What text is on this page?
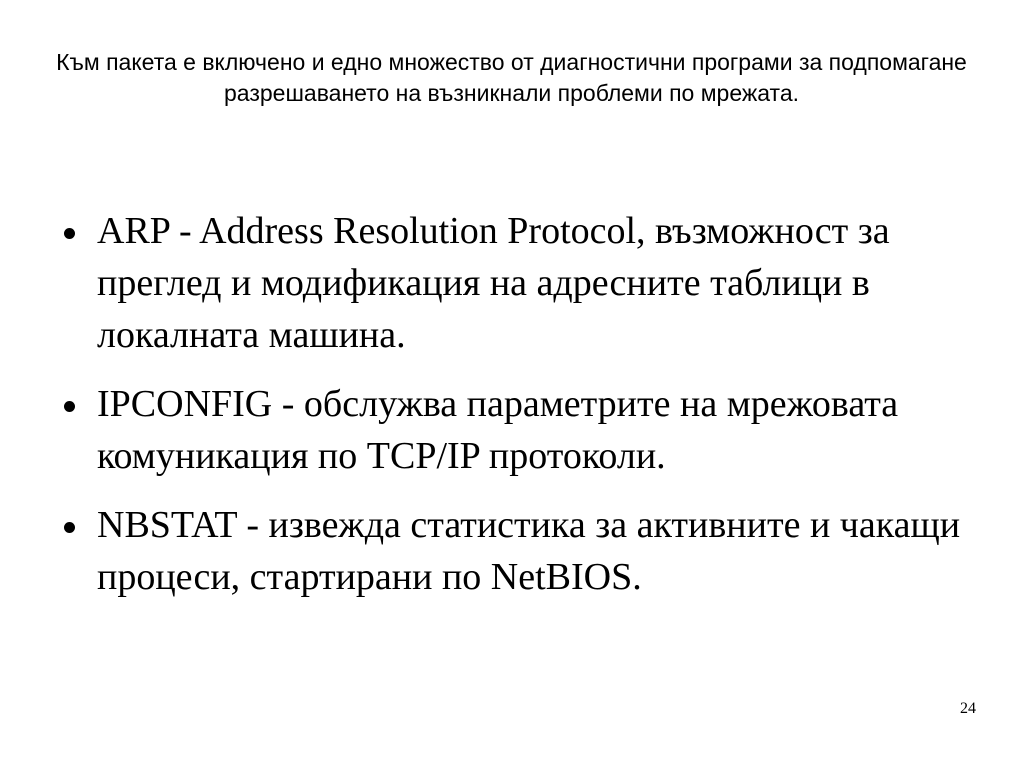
Към пакета е включено и едно множество от диагностични програми за подпомагане разрешаването на възникнали проблеми по мрежата.
ARP - Address Resolution Protocol, възможност за преглед и модификация на адресните таблици в локалната машина.
IPCONFIG - обслужва параметрите на мрежовата комуникация по TCP/IP протоколи.
NBSTAT - извежда статистика за активните и чакащи процеси, стартирани по NetBIOS.
24
